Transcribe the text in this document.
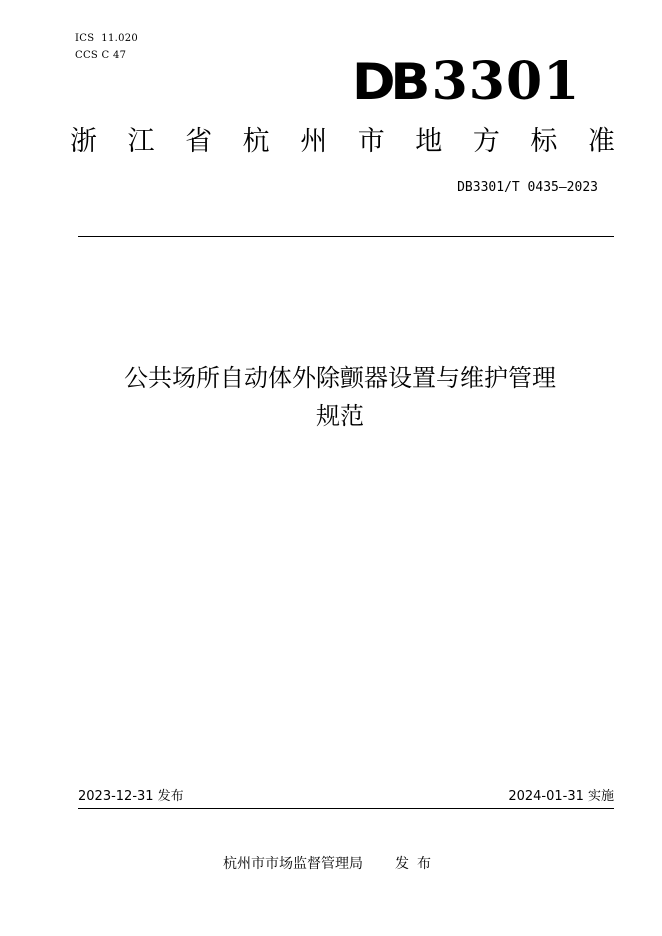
ICS  11.020
CCS C 47	DB 3301
浙 江 省 杭 州 市 地 方 标 准
DB3301/T 0435—2023
公共场所自动体外除颤器设置与维护管理
规范
2023-12-31 发布	2024-01-31 实施
杭州市市场监督管理局 发布
